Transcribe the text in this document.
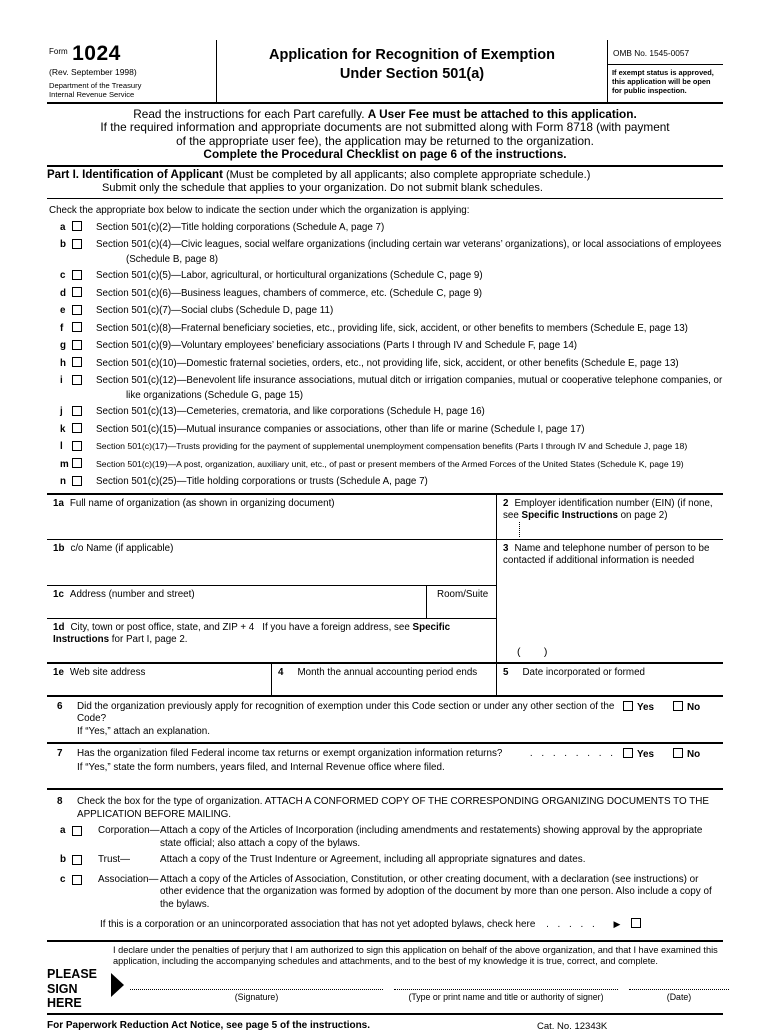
$^{Form}$ 1024
(Rev. September 1998)
Department of the Treasury
Internal Revenue Service
Application for Recognition of Exemption
Under Section 501(a)
OMB No. 1545-0057
If exempt status is approved, this application will be open for public inspection.
Read the instructions for each Part carefully. A User Fee must be attached to this application.
If the required information and appropriate documents are not submitted along with Form 8718 (with payment
of the appropriate user fee), the application may be returned to the organization.
Complete the Procedural Checklist on page 6 of the instructions.
Part I. Identification of Applicant (Must be completed by all applicants; also complete appropriate schedule.)
Submit only the schedule that applies to your organization. Do not submit blank schedules.
Check the appropriate box below to indicate the section under which the organization is applying:
a	Section 501(c)(2)—Title holding corporations (Schedule A, page 7)
b	Section 501(c)(4)—Civic leagues, social welfare organizations (including certain war veterans’ organizations), or local associations of employees (Schedule B, page 8)
c	Section 501(c)(5)—Labor, agricultural, or horticultural organizations (Schedule C, page 9)
d	Section 501(c)(6)—Business leagues, chambers of commerce, etc. (Schedule C, page 9)
e	Section 501(c)(7)—Social clubs (Schedule D, page 11)
f	Section 501(c)(8)—Fraternal beneficiary societies, etc., providing life, sick, accident, or other benefits to members (Schedule E, page 13)
g	Section 501(c)(9)—Voluntary employees’ beneficiary associations (Parts I through IV and Schedule F, page 14)
h	Section 501(c)(10)—Domestic fraternal societies, orders, etc., not providing life, sick, accident, or other benefits (Schedule E, page 13)
i	Section 501(c)(12)—Benevolent life insurance associations, mutual ditch or irrigation companies, mutual or cooperative telephone companies, or like organizations (Schedule G, page 15)
j	Section 501(c)(13)—Cemeteries, crematoria, and like corporations (Schedule H, page 16)
k	Section 501(c)(15)—Mutual insurance companies or associations, other than life or marine (Schedule I, page 17)
l	Section 501(c)(17)—Trusts providing for the payment of supplemental unemployment compensation benefits (Parts I through IV and Schedule J, page 18)
m	Section 501(c)(19)—A post, organization, auxiliary unit, etc., of past or present members of the Armed Forces of the United States (Schedule K, page 19)
n	Section 501(c)(25)—Title holding corporations or trusts (Schedule A, page 7)
1a Full name of organization (as shown in organizing document)	2 Employer identification number (EIN) (if none, see Specific Instructions on page 2)
1b c/o Name (if applicable)	3 Name and telephone number of person to be contacted if additional information is needed
(        )
1c Address (number and street)	Room/Suite
1d City, town or post office, state, and ZIP + 4 If you have a foreign address, see Specific Instructions for Part I, page 2.
1e Web site address	4 Month the annual accounting period ends	5 Date incorporated or formed
6	Did the organization previously apply for recognition of exemption under this Code section or under any other section of the Code?
Yes	No
If “Yes,” attach an explanation.
7	Has the organization filed Federal income tax returns or exempt organization information returns?	. . . . . . . .	Yes	No
If “Yes,” state the form numbers, years filed, and Internal Revenue office where filed.
8	Check the box for the type of organization. ATTACH A CONFORMED COPY OF THE CORRESPONDING ORGANIZING DOCUMENTS TO THE APPLICATION BEFORE MAILING.
a	Corporation— Attach a copy of the Articles of Incorporation (including amendments and restatements) showing approval by the appropriate state official; also attach a copy of the bylaws.
b	Trust—	Attach a copy of the Trust Indenture or Agreement, including all appropriate signatures and dates.
c	Association— Attach a copy of the Articles of Association, Constitution, or other creating document, with a declaration (see instructions) or other evidence that the organization was formed by adoption of the document by more than one person. Also include a copy of the bylaws.
If this is a corporation or an unincorporated association that has not yet adopted bylaws, check here . . . . . ▶
I declare under the penalties of perjury that I am authorized to sign this application on behalf of the above organization, and that I have examined this application, including the accompanying schedules and attachments, and to the best of my knowledge it is true, correct, and complete.
PLEASE
SIGN
HERE	(Signature)	(Type or print name and title or authority of signer)	(Date)
For Paperwork Reduction Act Notice, see page 5 of the instructions.	Cat. No. 12343K
